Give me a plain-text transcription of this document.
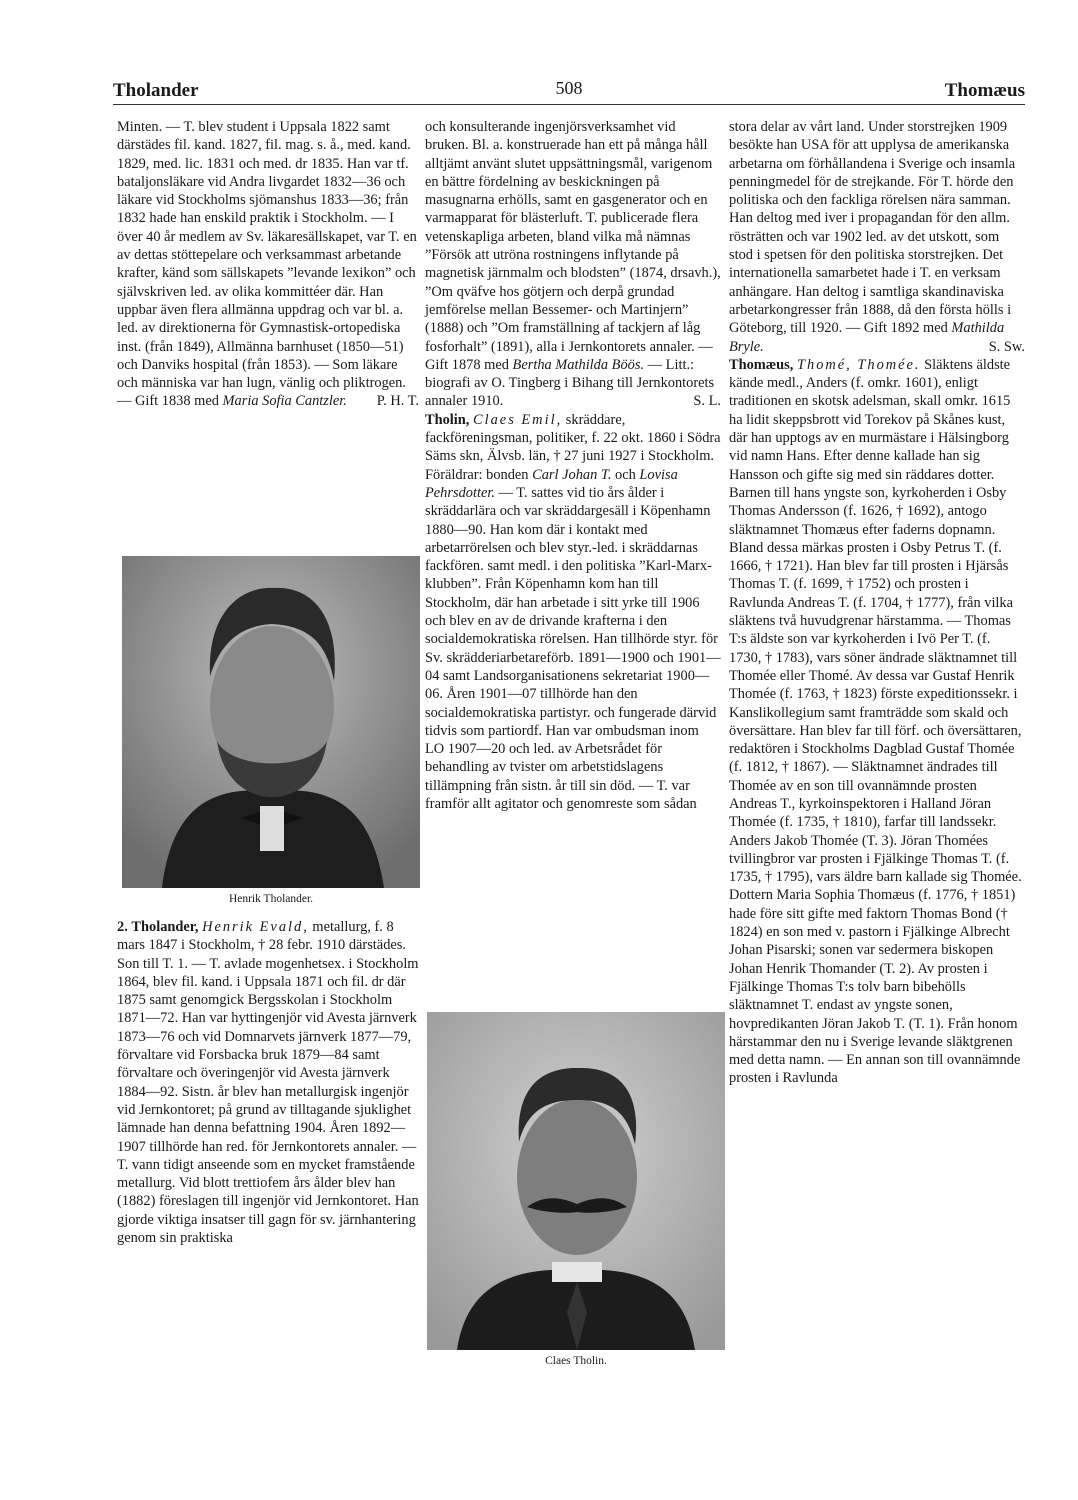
Tholander	508	Thomæus

Minten. — T. blev student i Uppsala 1822 samt därstädes fil. kand. 1827, fil. mag. s. å., med. kand. 1829, med. lic. 1831 och med. dr 1835. Han var tf. bataljonsläkare vid Andra livgardet 1832—36 och läkare vid Stockholms sjömanshus 1833—36; från 1832 hade han enskild praktik i Stockholm. — I över 40 år medlem av Sv. läkaresällskapet, var T. en av dettas stöttepelare och verksammast arbetande krafter, känd som sällskapets ”levande lexikon” och självskriven led. av olika kommittéer där. Han uppbar även flera allmänna uppdrag och var bl. a. led. av direktionerna för Gymnastisk-ortopediska inst. (från 1849), Allmänna barnhuset (1850—51) och Danviks hospital (från 1853). — Som läkare och människa var han lugn, vänlig och pliktrogen. — Gift 1838 med Maria Sofia Cantzler. P. H. T.

Henrik Tholander.

2. Tholander, Henrik Evald, metallurg, f. 8 mars 1847 i Stockholm, † 28 febr. 1910 därstädes. Son till T. 1. — T. avlade mogenhetsex. i Stockholm 1864, blev fil. kand. i Uppsala 1871 och fil. dr där 1875 samt genomgick Bergsskolan i Stockholm 1871—72. Han var hyttingenjör vid Avesta järnverk 1873—76 och vid Domnarvets järnverk 1877—79, förvaltare vid Forsbacka bruk 1879—84 samt förvaltare och överingenjör vid Avesta järnverk 1884—92. Sistn. år blev han metallurgisk ingenjör vid Jernkontoret; på grund av tilltagande sjuklighet lämnade han denna befattning 1904. Åren 1892—1907 tillhörde han red. för Jernkontorets annaler. — T. vann tidigt anseende som en mycket framstående metallurg. Vid blott trettiofem års ålder blev han (1882) föreslagen till ingenjör vid Jernkontoret. Han gjorde viktiga insatser till gagn för sv. järnhantering genom sin praktiska

och konsulterande ingenjörsverksamhet vid bruken. Bl. a. konstruerade han ett på många håll alltjämt använt slutet uppsättningsmål, varigenom en bättre fördelning av beskickningen på masugnarna erhölls, samt en gasgenerator och en varmapparat för blästerluft. T. publicerade flera vetenskapliga arbeten, bland vilka må nämnas ”Försök att utröna rostningens inflytande på magnetisk järnmalm och blodsten” (1874, drsavh.), ”Om qväfve hos götjern och derpå grundad jemförelse mellan Bessemer- och Martinjern” (1888) och ”Om framställning af tackjern af låg fosforhalt” (1891), alla i Jernkontorets annaler. — Gift 1878 med Bertha Mathilda Böös. — Litt.: biografi av O. Tingberg i Bihang till Jernkontorets annaler 1910.	S. L.

Tholin, Claes Emil, skräddare, fackföreningsman, politiker, f. 22 okt. 1860 i Södra Säms skn, Älvsb. län, † 27 juni 1927 i Stockholm. Föräldrar: bonden Carl Johan T. och Lovisa Pehrsdotter. — T. sattes vid tio års ålder i skräddarlära och var skräddargesäll i Köpenhamn 1880—90. Han kom där i kontakt med arbetarrörelsen och blev styr.-led. i skräddarnas fackfören. samt medl. i den politiska ”Karl-Marx-klubben”. Från Köpenhamn kom han till Stockholm, där han arbetade i sitt yrke till 1906 och blev en av de drivande krafterna i den socialdemokratiska rörelsen. Han tillhörde styr. för Sv. skrädderiarbetareförb. 1891—1900 och 1901—04 samt Landsorganisationens sekretariat 1900—06. Åren 1901—07 tillhörde han den socialdemokratiska partistyr. och fungerade därvid tidvis som partiordf. Han var ombudsman inom LO 1907—20 och led. av Arbetsrådet för behandling av tvister om arbetstidslagens tillämpning från sistn. år till sin död. — T. var framför allt agitator och genomreste som sådan

Claes Tholin.

stora delar av vårt land. Under storstrejken 1909 besökte han USA för att upplysa de amerikanska arbetarna om förhållandena i Sverige och insamla penningmedel för de strejkande. För T. hörde den politiska och den fackliga rörelsen nära samman. Han deltog med iver i propagandan för den allm. rösträtten och var 1902 led. av det utskott, som stod i spetsen för den politiska storstrejken. Det internationella samarbetet hade i T. en verksam anhängare. Han deltog i samtliga skandinaviska arbetarkongresser från 1888, då den första hölls i Göteborg, till 1920. — Gift 1892 med Mathilda Bryle.	S. Sw.

Thomæus, Thomé, Thomée. Släktens äldste kände medl., Anders (f. omkr. 1601), enligt traditionen en skotsk adelsman, skall omkr. 1615 ha lidit skeppsbrott vid Torekov på Skånes kust, där han upptogs av en murmästare i Hälsingborg vid namn Hans. Efter denne kallade han sig Hansson och gifte sig med sin räddares dotter. Barnen till hans yngste son, kyrkoherden i Osby Thomas Andersson (f. 1626, † 1692), antogo släktnamnet Thomæus efter faderns dopnamn. Bland dessa märkas prosten i Osby Petrus T. (f. 1666, † 1721). Han blev far till prosten i Hjärsås Thomas T. (f. 1699, † 1752) och prosten i Ravlunda Andreas T. (f. 1704, † 1777), från vilka släktens två huvudgrenar härstamma. — Thomas T:s äldste son var kyrkoherden i Ivö Per T. (f. 1730, † 1783), vars söner ändrade släktnamnet till Thomée eller Thomé. Av dessa var Gustaf Henrik Thomée (f. 1763, † 1823) förste expeditionssekr. i Kanslikollegium samt framträdde som skald och översättare. Han blev far till förf. och översättaren, redaktören i Stockholms Dagblad Gustaf Thomée (f. 1812, † 1867). — Släktnamnet ändrades till Thomée av en son till ovannämnde prosten Andreas T., kyrkoinspektoren i Halland Jöran Thomée (f. 1735, † 1810), farfar till landssekr. Anders Jakob Thomée (T. 3). Jöran Thomées tvillingbror var prosten i Fjälkinge Thomas T. (f. 1735, † 1795), vars äldre barn kallade sig Thomée. Dottern Maria Sophia Thomæus (f. 1776, † 1851) hade före sitt gifte med faktorn Thomas Bond († 1824) en son med v. pastorn i Fjälkinge Albrecht Johan Pisarski; sonen var sedermera biskopen Johan Henrik Thomander (T. 2). Av prosten i Fjälkinge Thomas T:s tolv barn bibehölls släktnamnet T. endast av yngste sonen, hovpredikanten Jöran Jakob T. (T. 1). Från honom härstammar den nu i Sverige levande släktgrenen med detta namn. — En annan son till ovannämnde prosten i Ravlunda
